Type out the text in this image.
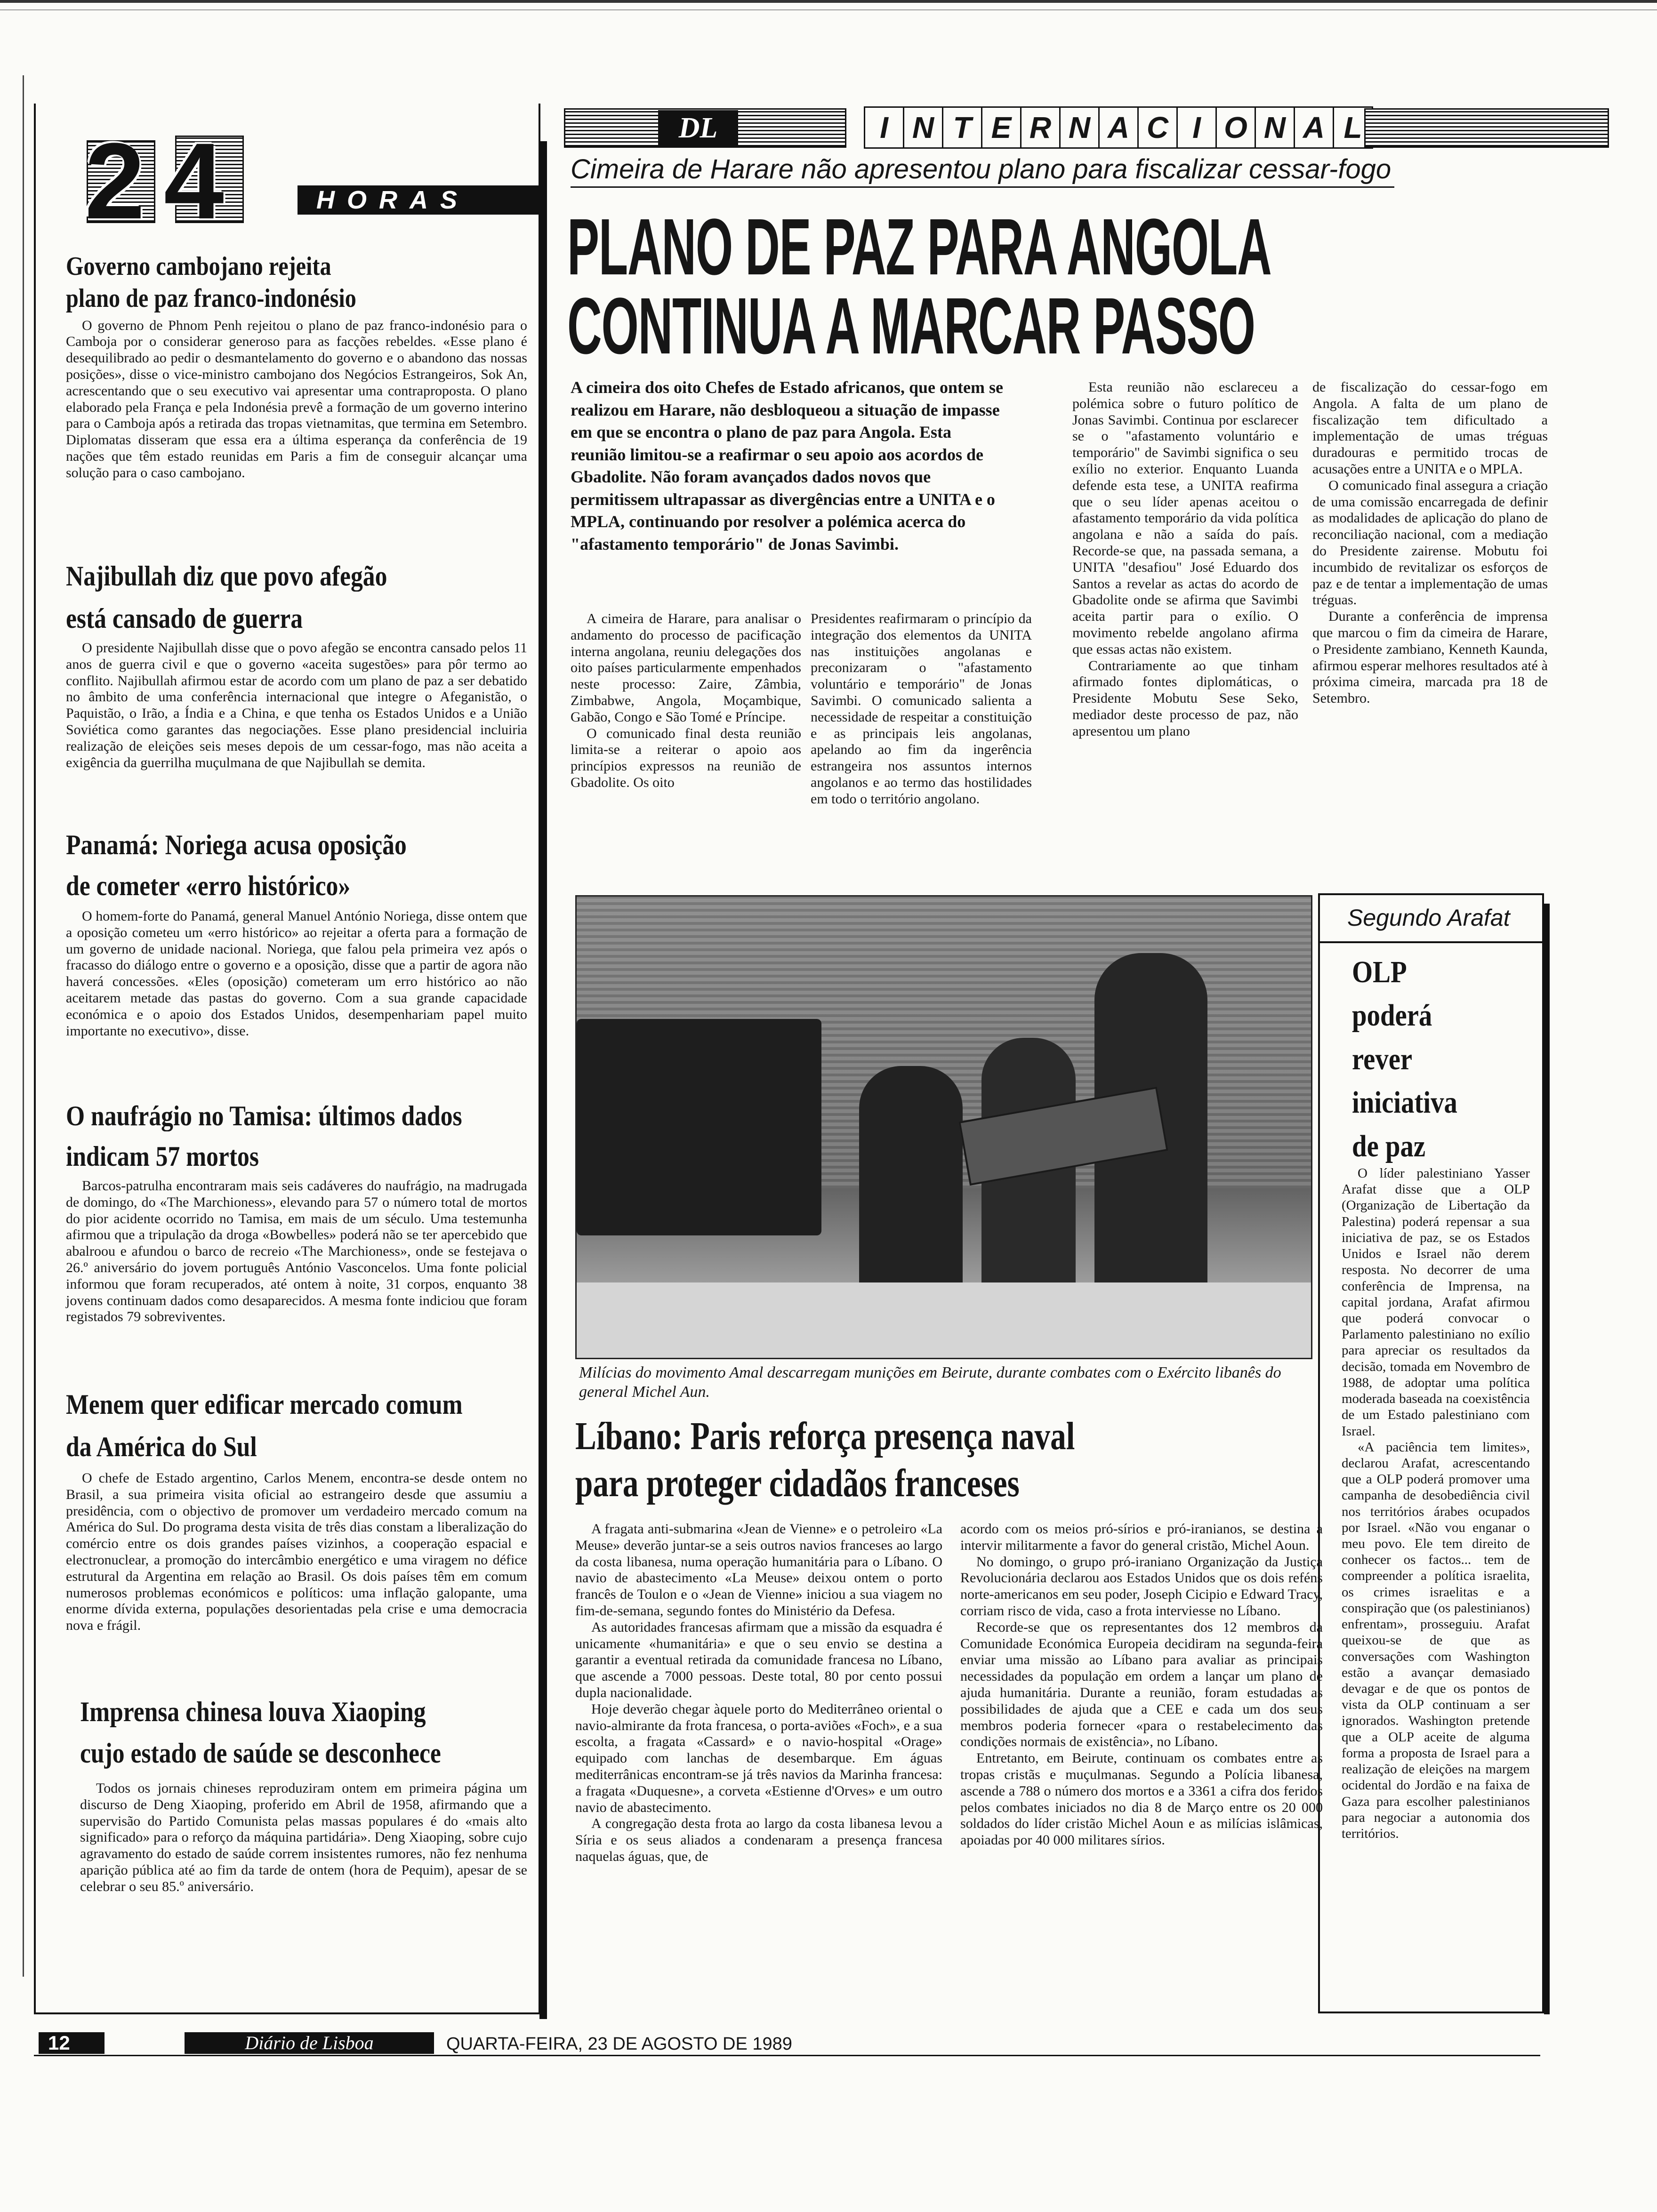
24	HORAS
Governo cambojano rejeita
plano de paz franco-indonésio

O governo de Phnom Penh rejeitou o plano de paz franco-indonésio para o Camboja por o considerar generoso para as facções rebeldes. «Esse plano é desequilibrado ao pedir o desmantelamento do governo e o abandono das nossas posições», disse o vice-ministro cambojano dos Negócios Estrangeiros, Sok An, acrescentando que o seu executivo vai apresentar uma contraproposta. O plano elaborado pela França e pela Indonésia prevê a formação de um governo interino para o Camboja após a retirada das tropas vietnamitas, que termina em Setembro. Diplomatas disseram que essa era a última esperança da conferência de 19 nações que têm estado reunidas em Paris a fim de conseguir alcançar uma solução para o caso cambojano.

Najibullah diz que povo afegão
está cansado de guerra

O presidente Najibullah disse que o povo afegão se encontra cansado pelos 11 anos de guerra civil e que o governo «aceita sugestões» para pôr termo ao conflito. Najibullah afirmou estar de acordo com um plano de paz a ser debatido no âmbito de uma conferência internacional que integre o Afeganistão, o Paquistão, o Irão, a Índia e a China, e que tenha os Estados Unidos e a União Soviética como garantes das negociações. Esse plano presidencial incluiria realização de eleições seis meses depois de um cessar-fogo, mas não aceita a exigência da guerrilha muçulmana de que Najibullah se demita.

Panamá: Noriega acusa oposição
de cometer «erro histórico»

O homem-forte do Panamá, general Manuel António Noriega, disse ontem que a oposição cometeu um «erro histórico» ao rejeitar a oferta para a formação de um governo de unidade nacional. Noriega, que falou pela primeira vez após o fracasso do diálogo entre o governo e a oposição, disse que a partir de agora não haverá concessões. «Eles (oposição) cometeram um erro histórico ao não aceitarem metade das pastas do governo. Com a sua grande capacidade económica e o apoio dos Estados Unidos, desempenhariam papel muito importante no executivo», disse.

O naufrágio no Tamisa: últimos dados
indicam 57 mortos

Barcos-patrulha encontraram mais seis cadáveres do naufrágio, na madrugada de domingo, do «The Marchioness», elevando para 57 o número total de mortos do pior acidente ocorrido no Tamisa, em mais de um século. Uma testemunha afirmou que a tripulação da droga «Bowbelles» poderá não se ter apercebido que abalroou e afundou o barco de recreio «The Marchioness», onde se festejava o 26.º aniversário do jovem português António Vasconcelos. Uma fonte policial informou que foram recuperados, até ontem à noite, 31 corpos, enquanto 38 jovens continuam dados como desaparecidos. A mesma fonte indiciou que foram registados 79 sobreviventes.

Menem quer edificar mercado comum
da América do Sul

O chefe de Estado argentino, Carlos Menem, encontra-se desde ontem no Brasil, a sua primeira visita oficial ao estrangeiro desde que assumiu a presidência, com o objectivo de promover um verdadeiro mercado comum na América do Sul. Do programa desta visita de três dias constam a liberalização do comércio entre os dois grandes países vizinhos, a cooperação espacial e electronuclear, a promoção do intercâmbio energético e uma viragem no défice estrutural da Argentina em relação ao Brasil. Os dois países têm em comum numerosos problemas económicos e políticos: uma inflação galopante, uma enorme dívida externa, populações desorientadas pela crise e uma democracia nova e frágil.

Imprensa chinesa louva Xiaoping
cujo estado de saúde se desconhece

Todos os jornais chineses reproduziram ontem em primeira página um discurso de Deng Xiaoping, proferido em Abril de 1958, afirmando que a supervisão do Partido Comunista pelas massas populares é do «mais alto significado» para o reforço da máquina partidária». Deng Xiaoping, sobre cujo agravamento do estado de saúde correm insistentes rumores, não fez nenhuma aparição pública até ao fim da tarde de ontem (hora de Pequim), apesar de se celebrar o seu 85.º aniversário.

DL	I N T E R N A C I O N A L
Cimeira de Harare não apresentou plano para fiscalizar cessar-fogo
PLANO DE PAZ PARA ANGOLA
CONTINUA A MARCAR PASSO

A cimeira dos oito Chefes de Estado africanos, que ontem se realizou em Harare, não desbloqueou a situação de impasse em que se encontra o plano de paz para Angola. Esta reunião limitou-se a reafirmar o seu apoio aos acordos de Gbadolite. Não foram avançados dados novos que permitissem ultrapassar as divergências entre a UNITA e o MPLA, continuando por resolver a polémica acerca do "afastamento temporário" de Jonas Savimbi.

A cimeira de Harare, para analisar o andamento do processo de pacificação interna angolana, reuniu delegações dos oito países particularmente empenhados neste processo: Zaire, Zâmbia, Zimbabwe, Angola, Moçambique, Gabão, Congo e São Tomé e Príncipe.

O comunicado final desta reunião limita-se a reiterar o apoio aos princípios expressos na reunião de Gbadolite. Os oito

Presidentes reafirmaram o princípio da integração dos elementos da UNITA nas instituições angolanas e preconizaram o "afastamento voluntário e temporário" de Jonas Savimbi. O comunicado salienta a necessidade de respeitar a constituição e as principais leis angolanas, apelando ao fim da ingerência estrangeira nos assuntos internos angolanos e ao termo das hostilidades em todo o território angolano.

Esta reunião não esclareceu a polémica sobre o futuro político de Jonas Savimbi. Continua por esclarecer se o "afastamento voluntário e temporário" de Savimbi significa o seu exílio no exterior. Enquanto Luanda defende esta tese, a UNITA reafirma que o seu líder apenas aceitou o afastamento temporário da vida política angolana e não a saída do país. Recorde-se que, na passada semana, a UNITA "desafiou" José Eduardo dos Santos a revelar as actas do acordo de Gbadolite onde se afirma que Savimbi aceita partir para o exílio. O movimento rebelde angolano afirma que essas actas não existem.

Contrariamente ao que tinham afirmado fontes diplomáticas, o Presidente Mobutu Sese Seko, mediador deste processo de paz, não apresentou um plano

de fiscalização do cessar-fogo em Angola. A falta de um plano de fiscalização tem dificultado a implementação de umas tréguas duradouras e permitido trocas de acusações entre a UNITA e o MPLA.

O comunicado final assegura a criação de uma comissão encarregada de definir as modalidades de aplicação do plano de reconciliação nacional, com a mediação do Presidente zairense. Mobutu foi incumbido de revitalizar os esforços de paz e de tentar a implementação de umas tréguas.

Durante a conferência de imprensa que marcou o fim da cimeira de Harare, o Presidente zambiano, Kenneth Kaunda, afirmou esperar melhores resultados até à próxima cimeira, marcada pra 18 de Setembro.

Milícias do movimento Amal descarregam munições em Beirute, durante combates com o Exército libanês do general Michel Aun.

Líbano: Paris reforça presença naval
para proteger cidadãos franceses

A fragata anti-submarina «Jean de Vienne» e o petroleiro «La Meuse» deverão juntar-se a seis outros navios franceses ao largo da costa libanesa, numa operação humanitária para o Líbano. O navio de abastecimento «La Meuse» deixou ontem o porto francês de Toulon e o «Jean de Vienne» iniciou a sua viagem no fim-de-semana, segundo fontes do Ministério da Defesa.

As autoridades francesas afirmam que a missão da esquadra é unicamente «humanitária» e que o seu envio se destina a garantir a eventual retirada da comunidade francesa no Líbano, que ascende a 7000 pessoas. Deste total, 80 por cento possui dupla nacionalidade.

Hoje deverão chegar àquele porto do Mediterrâneo oriental o navio-almirante da frota francesa, o porta-aviões «Foch», e a sua escolta, a fragata «Cassard» e o navio-hospital «Orage» equipado com lanchas de desembarque. Em águas mediterrânicas encontram-se já três navios da Marinha francesa: a fragata «Duquesne», a corveta «Estienne d'Orves» e um outro navio de abastecimento.

A congregação desta frota ao largo da costa libanesa levou a Síria e os seus aliados a condenaram a presença francesa naquelas águas, que, de

acordo com os meios pró-sírios e pró-iranianos, se destina a intervir militarmente a favor do general cristão, Michel Aoun.

No domingo, o grupo pró-iraniano Organização da Justiça Revolucionária declarou aos Estados Unidos que os dois reféns norte-americanos em seu poder, Joseph Cicipio e Edward Tracy, corriam risco de vida, caso a frota interviesse no Líbano.

Recorde-se que os representantes dos 12 membros da Comunidade Económica Europeia decidiram na segunda-feira enviar uma missão ao Líbano para avaliar as principais necessidades da população em ordem a lançar um plano de ajuda humanitária. Durante a reunião, foram estudadas as possibilidades de ajuda que a CEE e cada um dos seus membros poderia fornecer «para o restabelecimento das condições normais de existência», no Líbano.

Entretanto, em Beirute, continuam os combates entre as tropas cristãs e muçulmanas. Segundo a Polícia libanesa, ascende a 788 o número dos mortos e a 3361 a cifra dos feridos pelos combates iniciados no dia 8 de Março entre os 20 000 soldados do líder cristão Michel Aoun e as milícias islâmicas, apoiadas por 40 000 militares sírios.

Segundo Arafat
OLP
poderá
rever
iniciativa
de paz

O líder palestiniano Yasser Arafat disse que a OLP (Organização de Libertação da Palestina) poderá repensar a sua iniciativa de paz, se os Estados Unidos e Israel não derem resposta. No decorrer de uma conferência de Imprensa, na capital jordana, Arafat afirmou que poderá convocar o Parlamento palestiniano no exílio para apreciar os resultados da decisão, tomada em Novembro de 1988, de adoptar uma política moderada baseada na coexistência de um Estado palestiniano com Israel.

«A paciência tem limites», declarou Arafat, acrescentando que a OLP poderá promover uma campanha de desobediência civil nos territórios árabes ocupados por Israel. «Não vou enganar o meu povo. Ele tem direito de conhecer os factos... tem de compreender a política israelita, os crimes israelitas e a conspiração que (os palestinianos) enfrentam», prosseguiu. Arafat queixou-se de que as conversações com Washington estão a avançar demasiado devagar e de que os pontos de vista da OLP continuam a ser ignorados. Washington pretende que a OLP aceite de alguma forma a proposta de Israel para a realização de eleições na margem ocidental do Jordão e na faixa de Gaza para escolher palestinianos para negociar a autonomia dos territórios.

12	Diário de Lisboa	QUARTA-FEIRA, 23 DE AGOSTO DE 1989
